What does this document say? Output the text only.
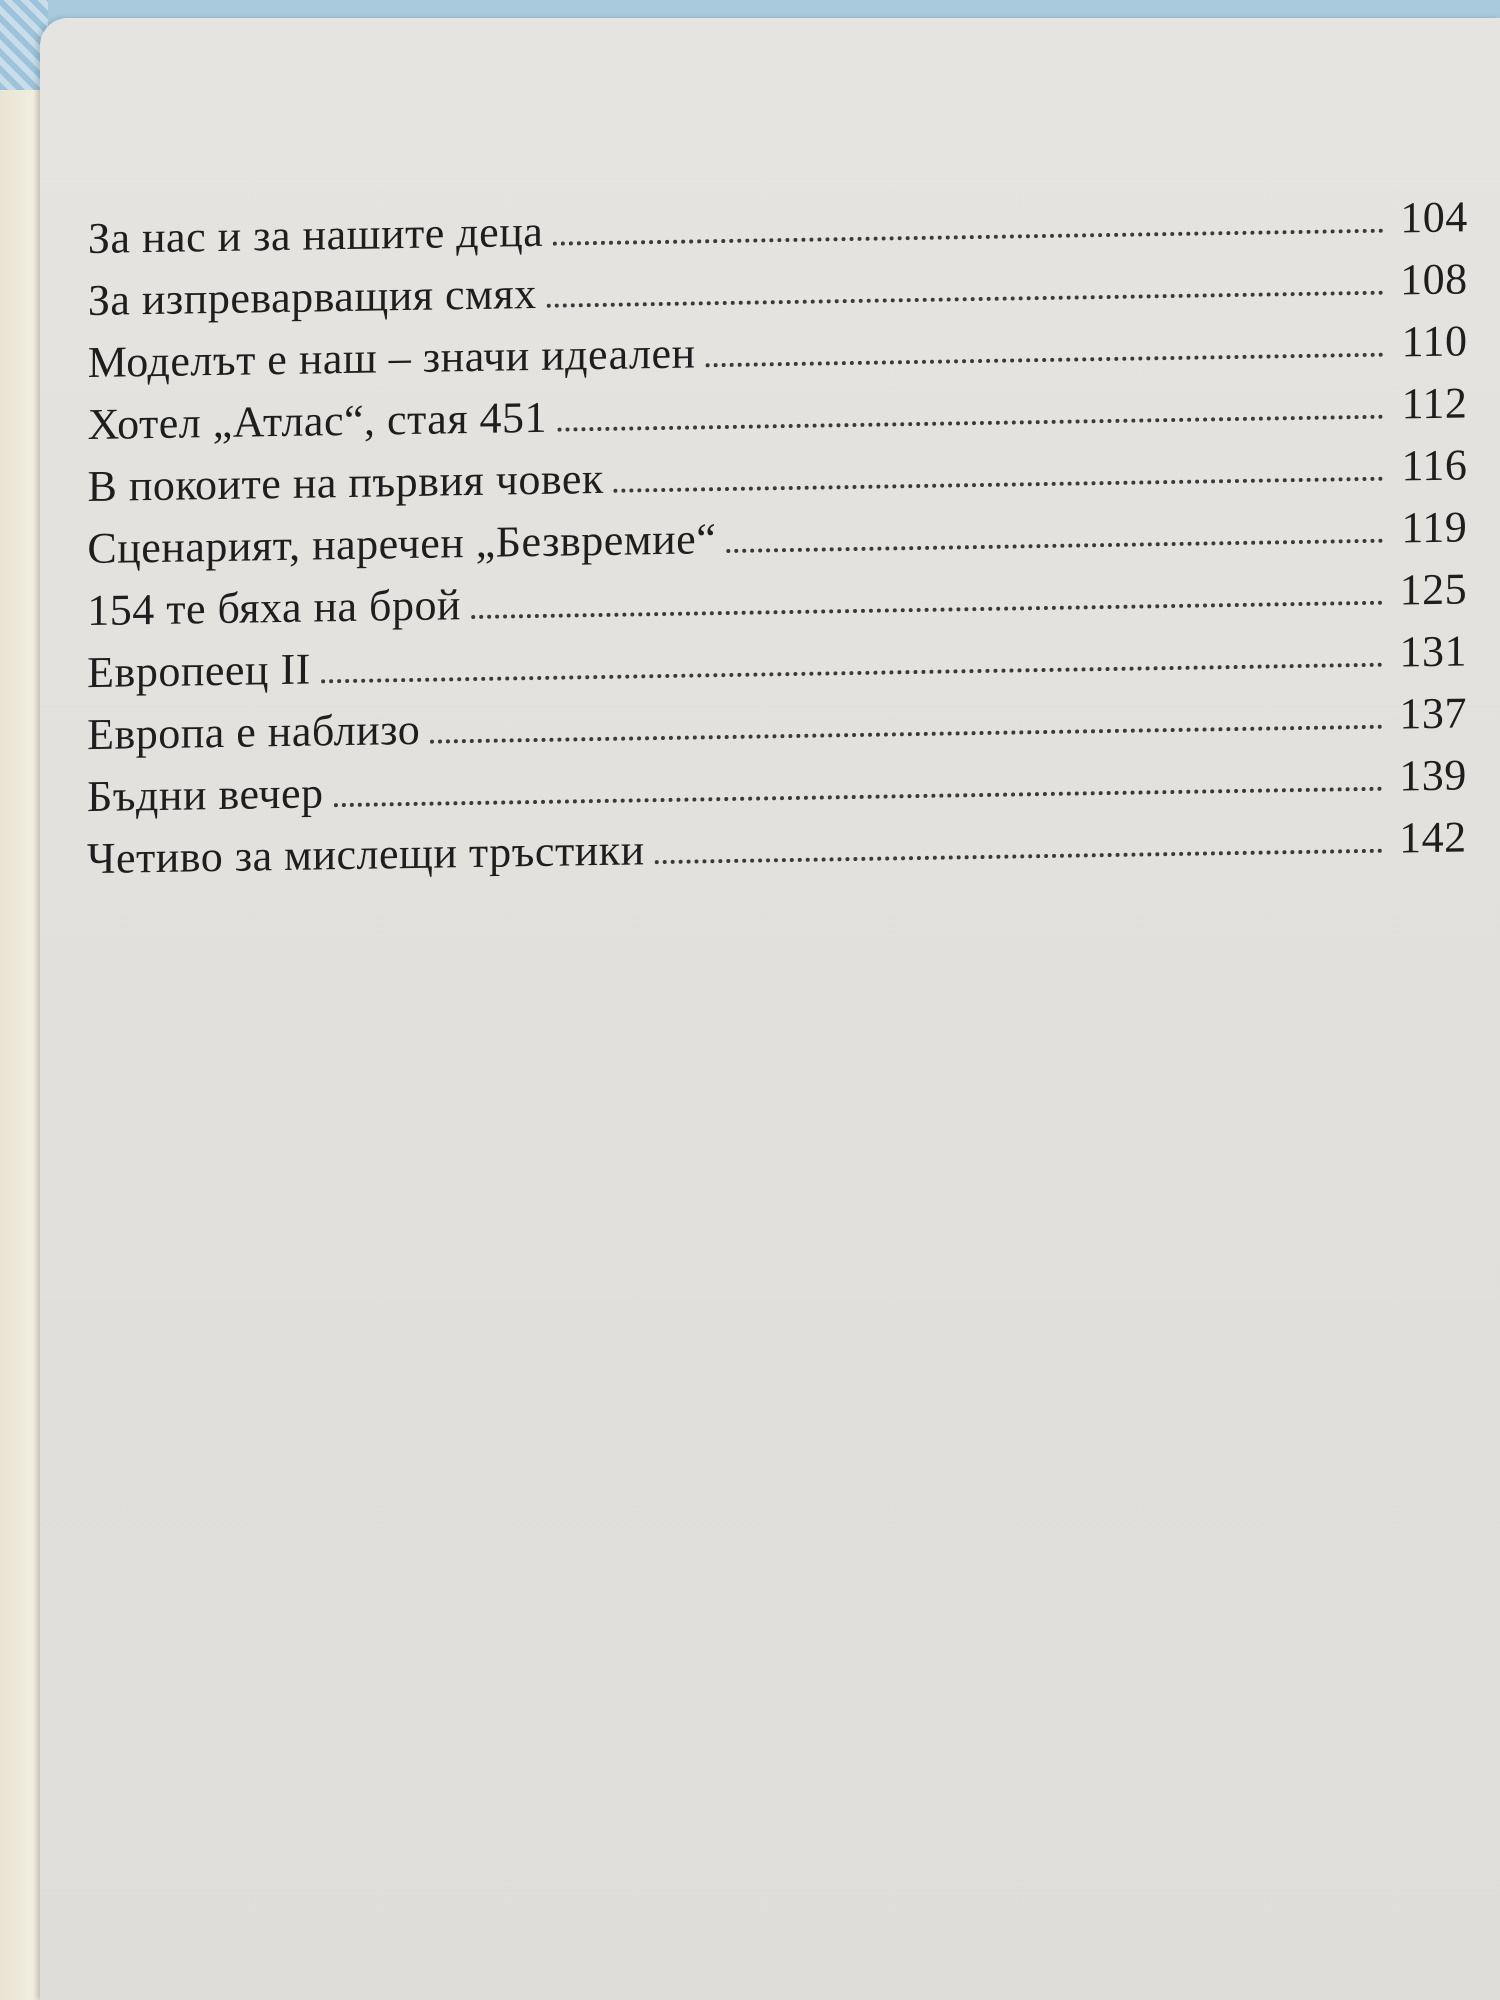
За нас и за нашите деца	104
За изпреварващия смях	108
Моделът е наш – значи идеален	110
Хотел „Атлас“, стая 451	112
В покоите на първия човек	116
Сценарият, наречен „Безвремие“	119
154 те бяха на брой	125
Европеец II	131
Европа е наблизо	137
Бъдни вечер	139
Четиво за мислещи тръстики	142
